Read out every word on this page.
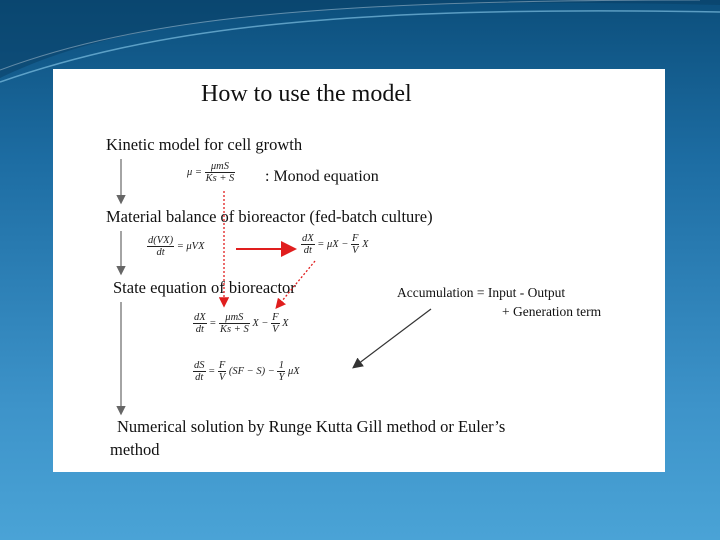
How to use the model
Kinetic model for cell growth
$\mu = \frac{\text{μmS}}{Ks + S}$ : Monod equation
Material balance of bioreactor (fed-batch culture)
$\frac{d(VX)}{dt} = \mu VX$	$\frac{dX}{dt} = \mu X - \frac{F}{V}$ X
State equation of bioreactor
$\frac{dX}{dt} = \frac{\text{μmS}}{Ks + S}$ $X - \frac{F}{V}$ X
$\frac{dS}{dt} = \frac{F}{V} (SF - S) - \frac{1}{Y}$ μX
Accumulation = Input - Output
+ Generation term
Numerical solution by Runge Kutta Gill method or Euler’s
method
